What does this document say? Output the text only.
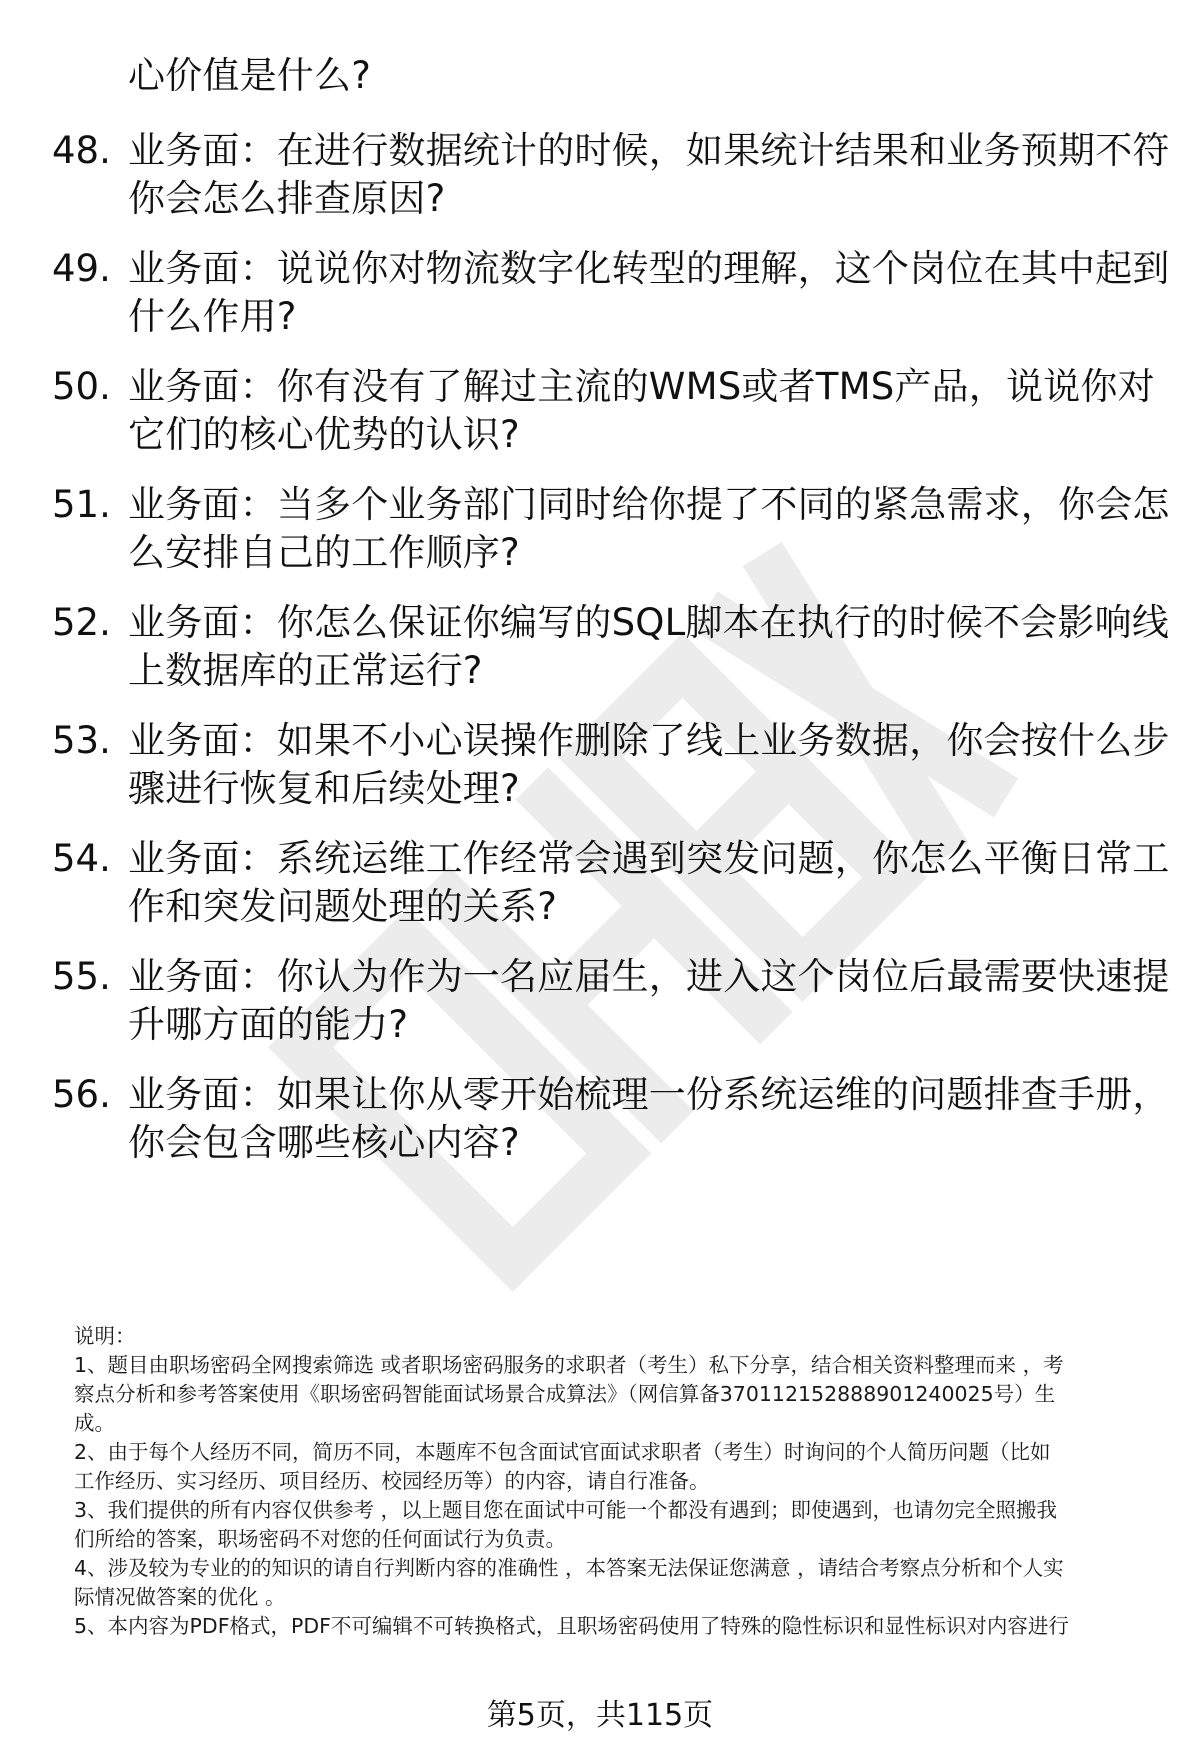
心价值是什么?
48. 业务面：在进行数据统计的时候，如果统计结果和业务预期不符
你会怎么排查原因?
49. 业务面：说说你对物流数字化转型的理解，这个岗位在其中起到
什么作用?
50. 业务面：你有没有了解过主流的WMS或者TMS产品，说说你对
它们的核心优势的认识?
51. 业务面：当多个业务部门同时给你提了不同的紧急需求，你会怎
么安排自己的工作顺序?
52. 业务面：你怎么保证你编写的SQL脚本在执行的时候不会影响线
上数据库的正常运行?
53. 业务面：如果不小心误操作删除了线上业务数据，你会按什么步
骤进行恢复和后续处理?
54. 业务面：系统运维工作经常会遇到突发问题，你怎么平衡日常工
作和突发问题处理的关系?
55. 业务面：你认为作为一名应届生，进入这个岗位后最需要快速提
升哪方面的能力?
56. 业务面：如果让你从零开始梳理一份系统运维的问题排查手册，
你会包含哪些核心内容?

说明：

1、题目由职场密码全网搜索筛选 或者职场密码服务的求职者（考生）私下分享，结合相关资料整理而来 ，考

察点分析和参考答案使用《职场密码智能面试场景合成算法》（网信算备370112152888901240025号）生

成。

2、由于每个人经历不同，简历不同，本题库不包含面试官面试求职者（考生）时询问的个人简历问题（比如

工作经历、实习经历、项目经历、校园经历等）的内容，请自行准备。

3、我们提供的所有内容仅供参考 ，以上题目您在面试中可能一个都没有遇到；即使遇到，也请勿完全照搬我

们所给的答案，职场密码不对您的任何面试行为负责。

4、涉及较为专业的的知识的请自行判断内容的准确性 ，本答案无法保证您满意 ，请结合考察点分析和个人实

际情况做答案的优化 。

5、本内容为PDF格式，PDF不可编辑不可转换格式，且职场密码使用了特殊的隐性标识和显性标识对内容进行

第5页，共115页
